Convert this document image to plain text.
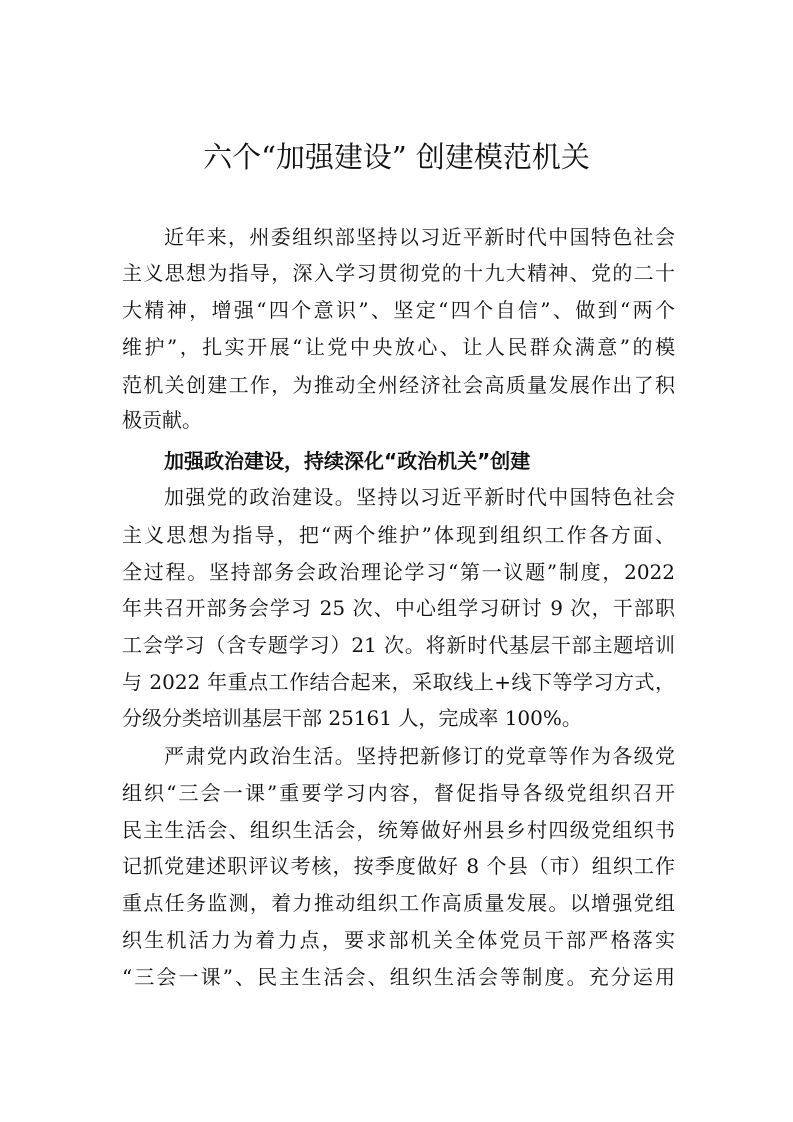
六个“加强建设” 创建模范机关
近年来，州委组织部坚持以习近平新时代中国特色社会
主义思想为指导，深入学习贯彻党的十九大精神、党的二十
大精神，增强“四个意识”、坚定“四个自信”、做到“两个
维护”，扎实开展“让党中央放心、让人民群众满意”的模
范机关创建工作，为推动全州经济社会高质量发展作出了积
极贡献。
加强政治建设，持续深化“政治机关”创建
加强党的政治建设。坚持以习近平新时代中国特色社会
主义思想为指导，把“两个维护”体现到组织工作各方面、
全过程。坚持部务会政治理论学习“第一议题”制度，2022
年共召开部务会学习 25 次、中心组学习研讨 9 次，干部职
工会学习（含专题学习）21 次。将新时代基层干部主题培训
与 2022 年重点工作结合起来，采取线上+线下等学习方式，
分级分类培训基层干部 25161 人，完成率 100%。
严肃党内政治生活。坚持把新修订的党章等作为各级党
组织“三会一课”重要学习内容，督促指导各级党组织召开
民主生活会、组织生活会，统筹做好州县乡村四级党组织书
记抓党建述职评议考核，按季度做好 8 个县（市）组织工作
重点任务监测，着力推动组织工作高质量发展。以增强党组
织生机活力为着力点，要求部机关全体党员干部严格落实
“三会一课”、民主生活会、组织生活会等制度。充分运用
